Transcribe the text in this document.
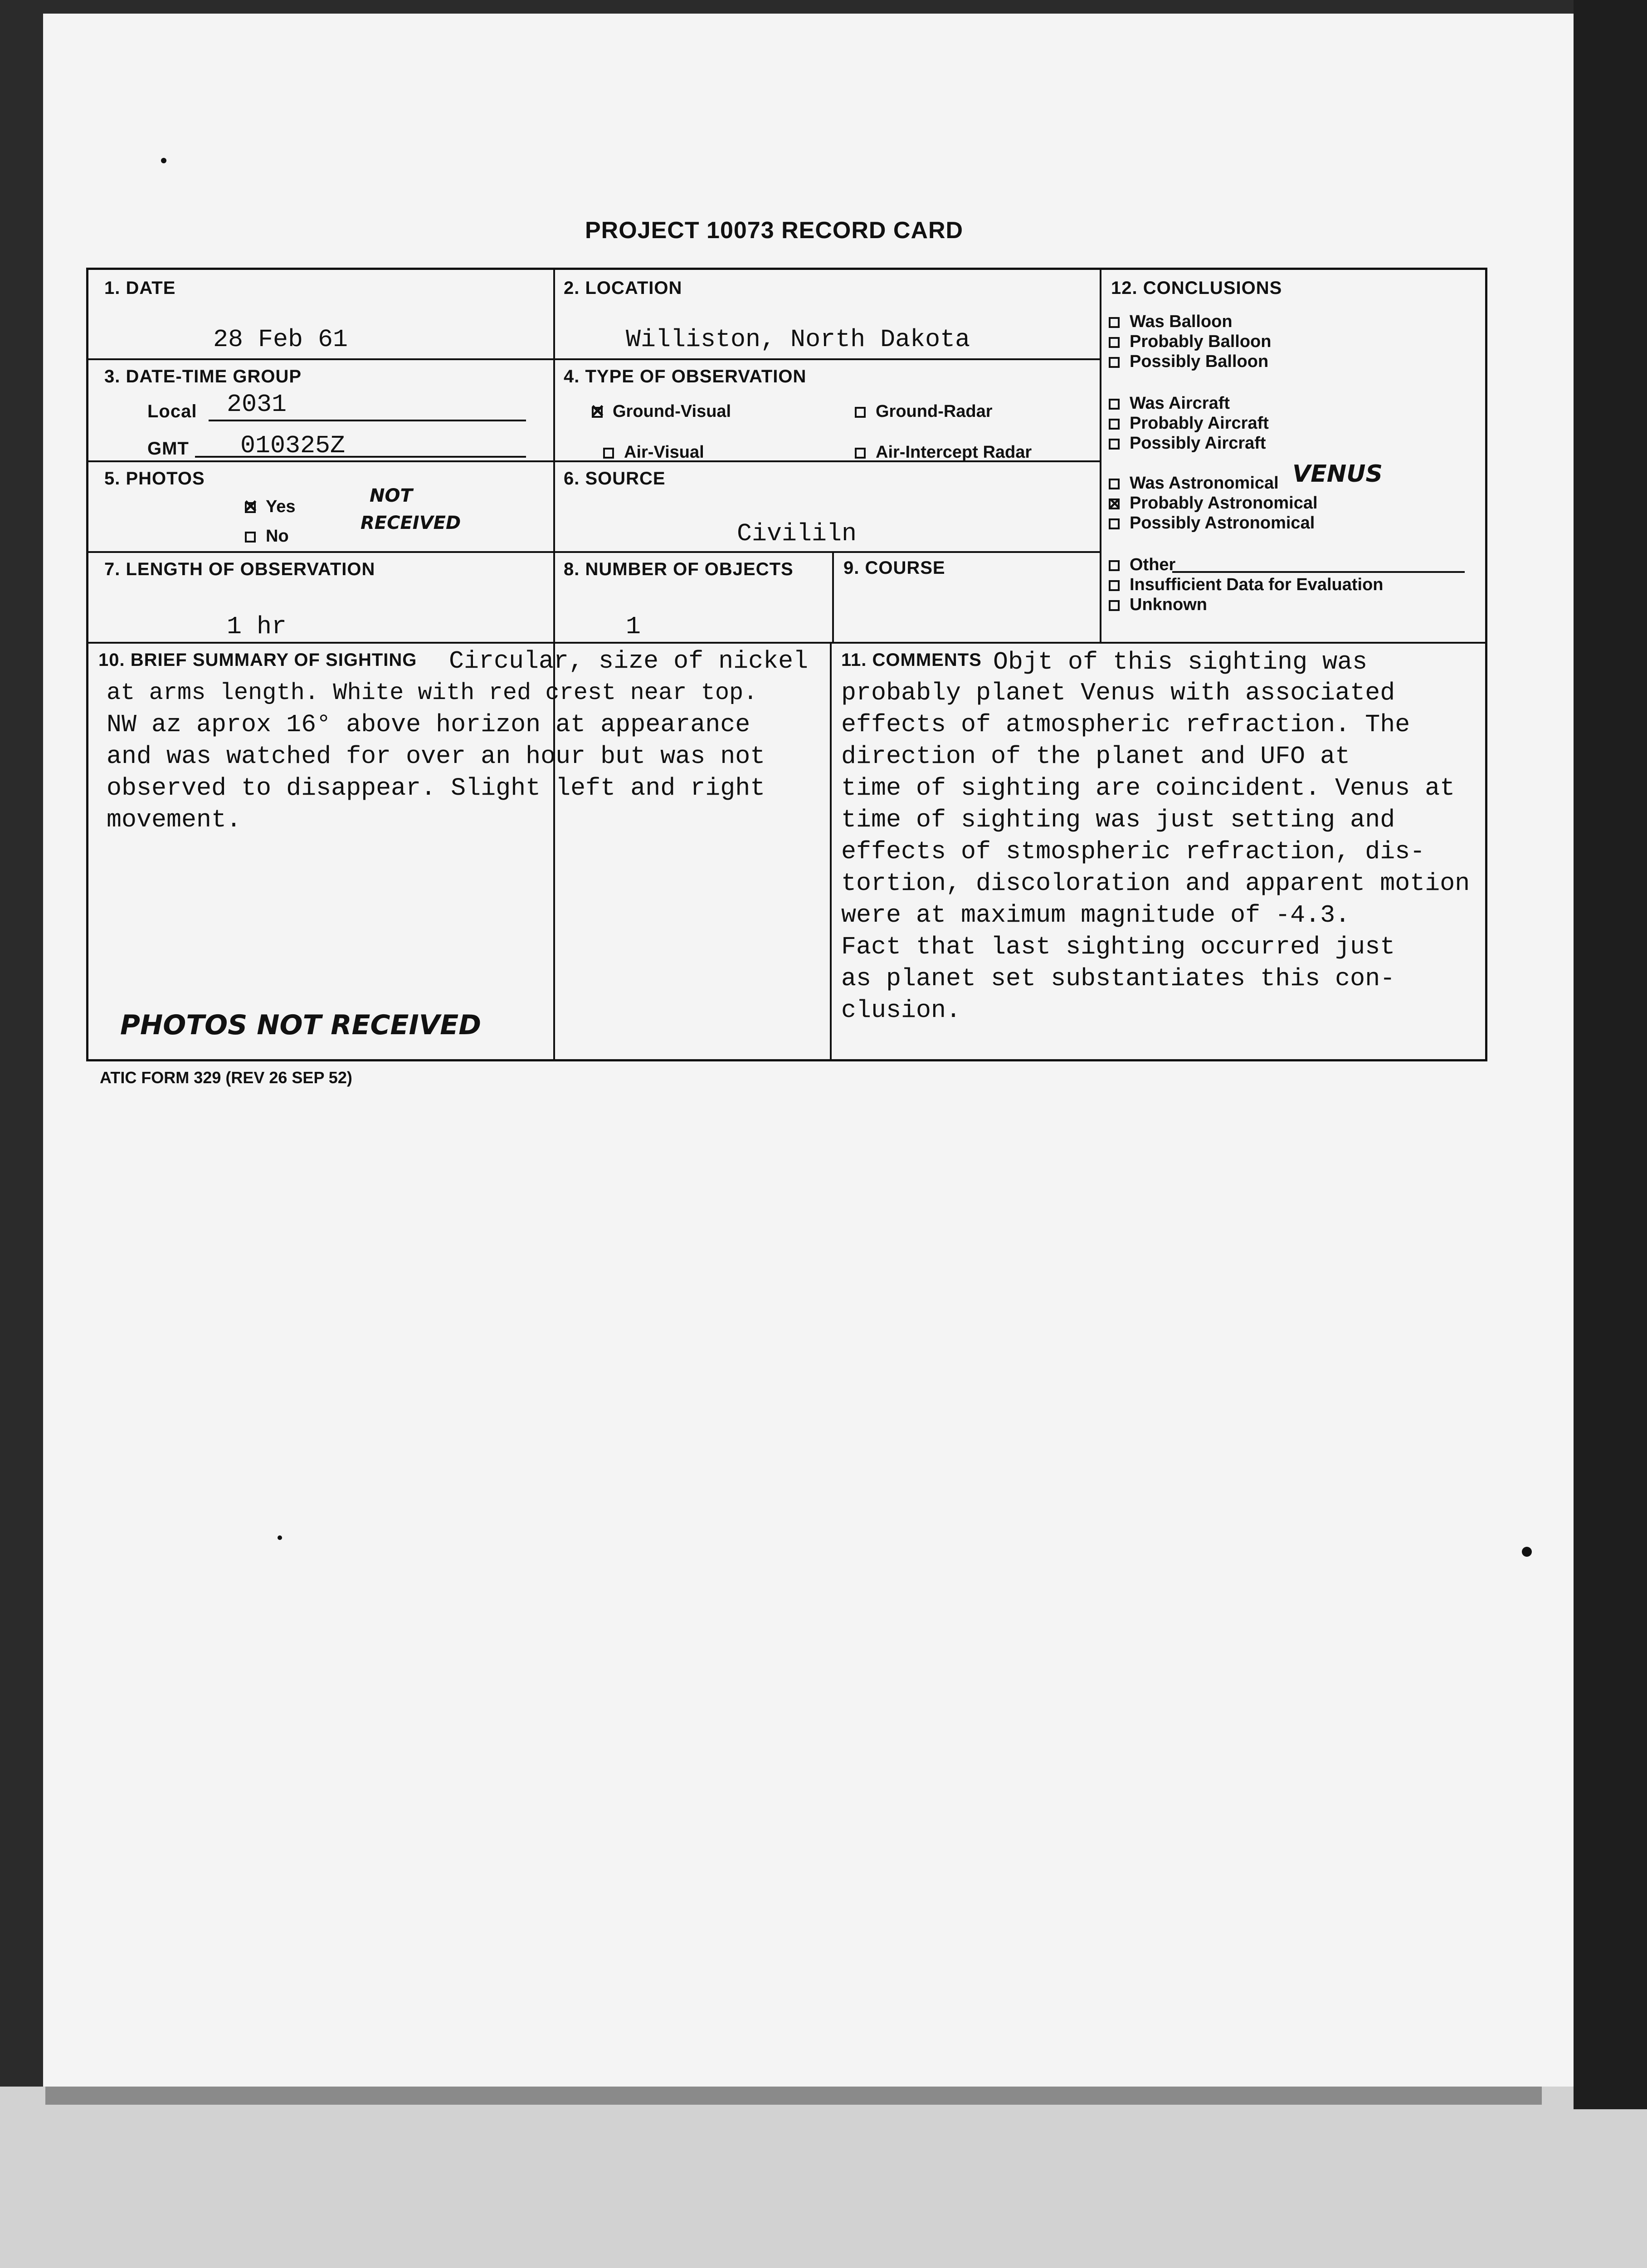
PROJECT 10073 RECORD CARD
1. DATE
28 Feb 61
2. LOCATION
Williston, North Dakota
3. DATE-TIME GROUP
Local 2031
GMT 010325Z
4. TYPE OF OBSERVATION
✕ Ground-Visual	Ground-Radar
Air-Visual	Air-Intercept Radar
5. PHOTOS
✕ Yes
No
NOT
RECEIVED
6. SOURCE
Civililn
7. LENGTH OF OBSERVATION
1 hr
8. NUMBER OF OBJECTS
1
9. COURSE
12. CONCLUSIONS
Was Balloon
Probably Balloon
Possibly Balloon
Was Aircraft
Probably Aircraft
Possibly Aircraft
Was Astronomical
✕ Probably Astronomical
Possibly Astronomical
Other
Insufficient Data for Evaluation
Unknown
VENUS
10. BRIEF SUMMARY OF SIGHTING Circular, size of nickel
at arms length. White with red crest near top.
NW az aprox 16° above horizon at appearance
and was watched for over an hour but was not
observed to disappear. Slight left and right
movement.
PHOTOS NOT RECEIVED
11. COMMENTS Objt of this sighting was
probably planet Venus with associated
effects of atmospheric refraction. The
direction of the planet and UFO at
time of sighting are coincident. Venus at
time of sighting was just setting and
effects of stmospheric refraction, dis-
tortion, discoloration and apparent motion
were at maximum magnitude of -4.3.
Fact that last sighting occurred just
as planet set substantiates this con-
clusion.
ATIC FORM 329 (REV 26 SEP 52)
